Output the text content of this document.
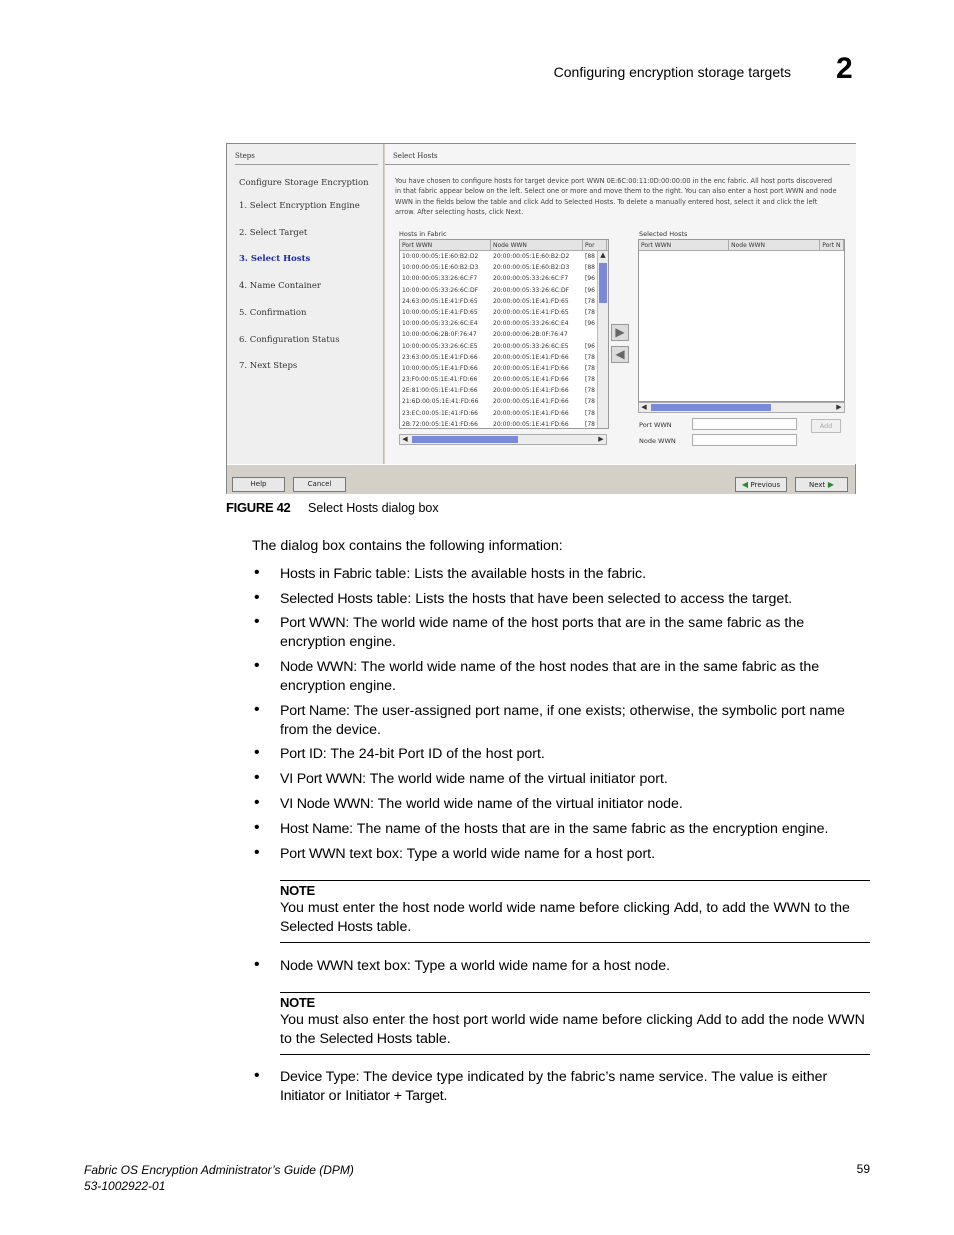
Configuring encryption storage targets 2
Steps
Configure Storage Encryption
1. Select Encryption Engine
2. Select Target
3. Select Hosts
4. Name Container
5. Confirmation
6. Configuration Status
7. Next Steps
Select Hosts
You have chosen to configure hosts for target device port WWN 0E:6C:00:11:0D:00:00:00 in the enc fabric. All host ports discovered in that fabric appear below on the left. Select one or more and move them to the right. You can also enter a host port WWN and node WWN in the fields below the table and click Add to Selected Hosts. To delete a manually entered host, select it and click the left arrow. After selecting hosts, click Next.
Hosts in Fabric
Port WWN	Node WWN	Por
10:00:00:05:1E:60:B2:D2	20:00:00:05:1E:60:B2:D2	[88
10:00:00:05:1E:60:B2:D3	20:00:00:05:1E:60:B2:D3	[88
10:00:00:05:33:26:6C:F7	20:00:00:05:33:26:6C:F7	[96
10:00:00:05:33:26:6C:DF	20:00:00:05:33:26:6C:DF	[96
24:63:00:05:1E:41:FD:65	20:00:00:05:1E:41:FD:65	[78
10:00:00:05:1E:41:FD:65	20:00:00:05:1E:41:FD:65	[78
10:00:00:05:33:26:6C:E4	20:00:00:05:33:26:6C:E4	[96
10:00:00:06:2B:0F:76:47	20:00:00:06:2B:0F:76:47
10:00:00:05:33:26:6C:E5	20:00:00:05:33:26:6C:E5	[96
23:63:00:05:1E:41:FD:66	20:00:00:05:1E:41:FD:66	[78
10:00:00:05:1E:41:FD:66	20:00:00:05:1E:41:FD:66	[78
23:F0:00:05:1E:41:FD:66	20:00:00:05:1E:41:FD:66	[78
2E:81:00:05:1E:41:FD:66	20:00:00:05:1E:41:FD:66	[78
21:6D:00:05:1E:41:FD:66	20:00:00:05:1E:41:FD:66	[78
23:EC:00:05:1E:41:FD:66	20:00:00:05:1E:41:FD:66	[78
2B:72:00:05:1E:41:FD:66	20:00:00:05:1E:41:FD:66	[78
▲
◀	▶
▶
◀
Selected Hosts
Port WWN	Node WWN	Port N
◀	▶
Port WWN	Add
Node WWN
Help	Cancel	◀ Previous	Next ▶
FIGURE 42 Select Hosts dialog box
The dialog box contains the following information:
• Hosts in Fabric table: Lists the available hosts in the fabric.
• Selected Hosts table: Lists the hosts that have been selected to access the target.
• Port WWN: The world wide name of the host ports that are in the same fabric as the encryption engine.
• Node WWN: The world wide name of the host nodes that are in the same fabric as the encryption engine.
• Port Name: The user-assigned port name, if one exists; otherwise, the symbolic port name from the device.
• Port ID: The 24-bit Port ID of the host port.
• VI Port WWN: The world wide name of the virtual initiator port.
• VI Node WWN: The world wide name of the virtual initiator node.
• Host Name: The name of the hosts that are in the same fabric as the encryption engine.
• Port WWN text box: Type a world wide name for a host port.
NOTE
You must enter the host node world wide name before clicking Add, to add the WWN to the Selected Hosts table.
• Node WWN text box: Type a world wide name for a host node.
NOTE
You must also enter the host port world wide name before clicking Add to add the node WWN to the Selected Hosts table.
• Device Type: The device type indicated by the fabric’s name service. The value is either Initiator or Initiator + Target.
Fabric OS Encryption Administrator’s Guide (DPM)
53-1002922-01
59
